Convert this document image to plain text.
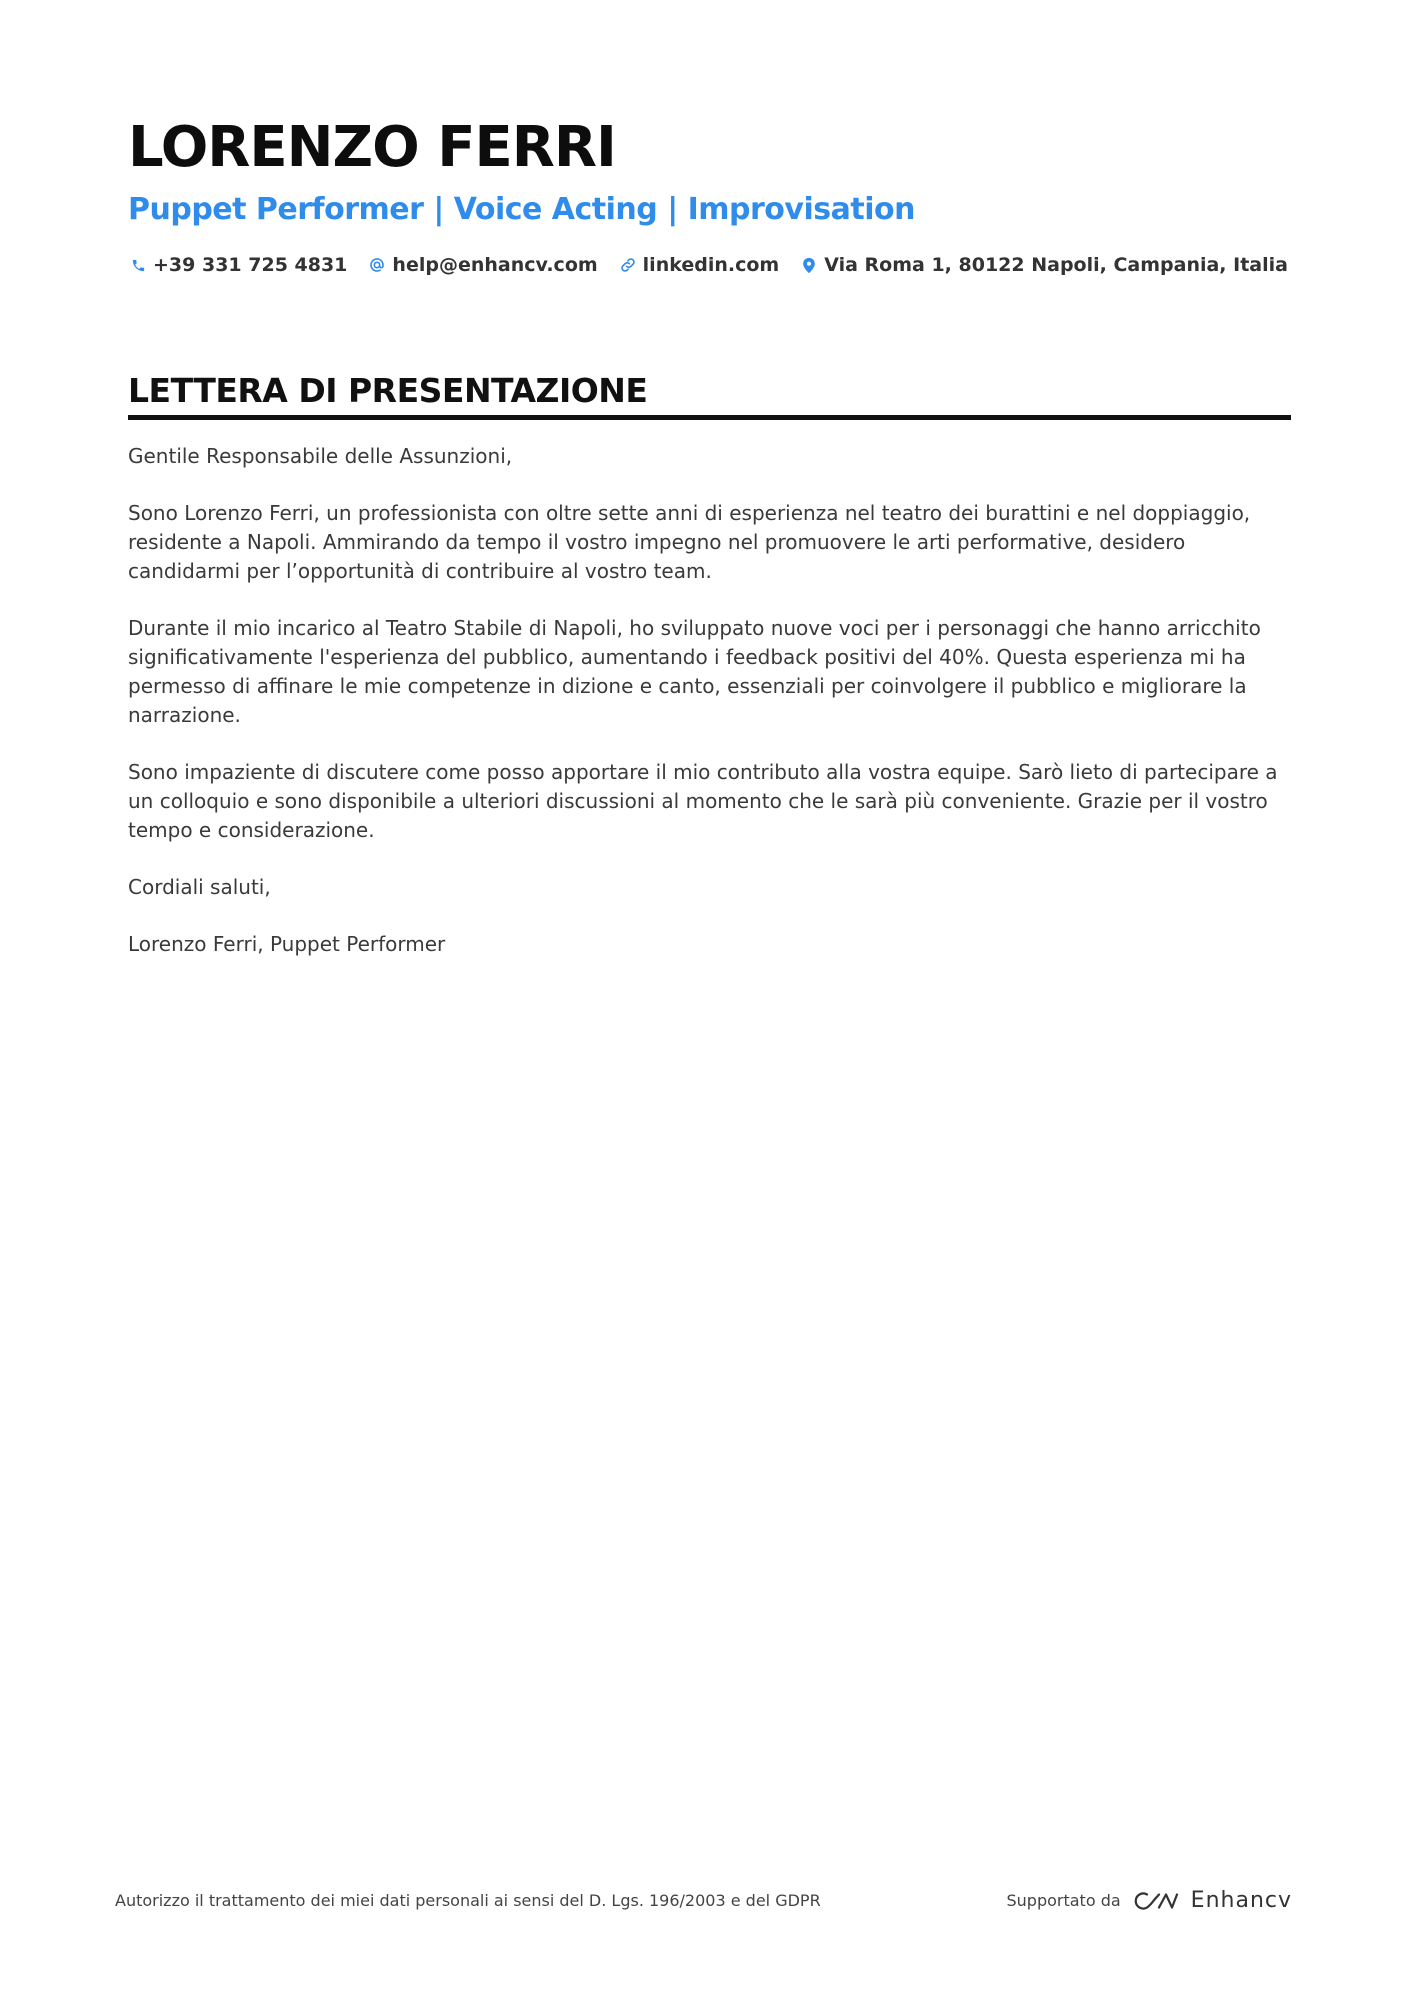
LORENZO FERRI
Puppet Performer | Voice Acting | Improvisation
+39 331 725 4831 help@enhancv.com linkedin.com Via Roma 1, 80122 Napoli, Campania, Italia
LETTERA DI PRESENTAZIONE

Gentile Responsabile delle Assunzioni,

Sono Lorenzo Ferri, un professionista con oltre sette anni di esperienza nel teatro dei burattini e nel doppiaggio, residente a Napoli. Ammirando da tempo il vostro impegno nel promuovere le arti performative, desidero candidarmi per l’opportunità di contribuire al vostro team.

Durante il mio incarico al Teatro Stabile di Napoli, ho sviluppato nuove voci per i personaggi che hanno arricchito significativamente l'esperienza del pubblico, aumentando i feedback positivi del 40%. Questa esperienza mi ha permesso di affinare le mie competenze in dizione e canto, essenziali per coinvolgere il pubblico e migliorare la narrazione.

Sono impaziente di discutere come posso apportare il mio contributo alla vostra equipe. Sarò lieto di partecipare a un colloquio e sono disponibile a ulteriori discussioni al momento che le sarà più conveniente. Grazie per il vostro tempo e considerazione.

Cordiali saluti,

Lorenzo Ferri, Puppet Performer

Autorizzo il trattamento dei miei dati personali ai sensi del D. Lgs. 196/2003 e del GDPR	Supportato da	Enhancv
